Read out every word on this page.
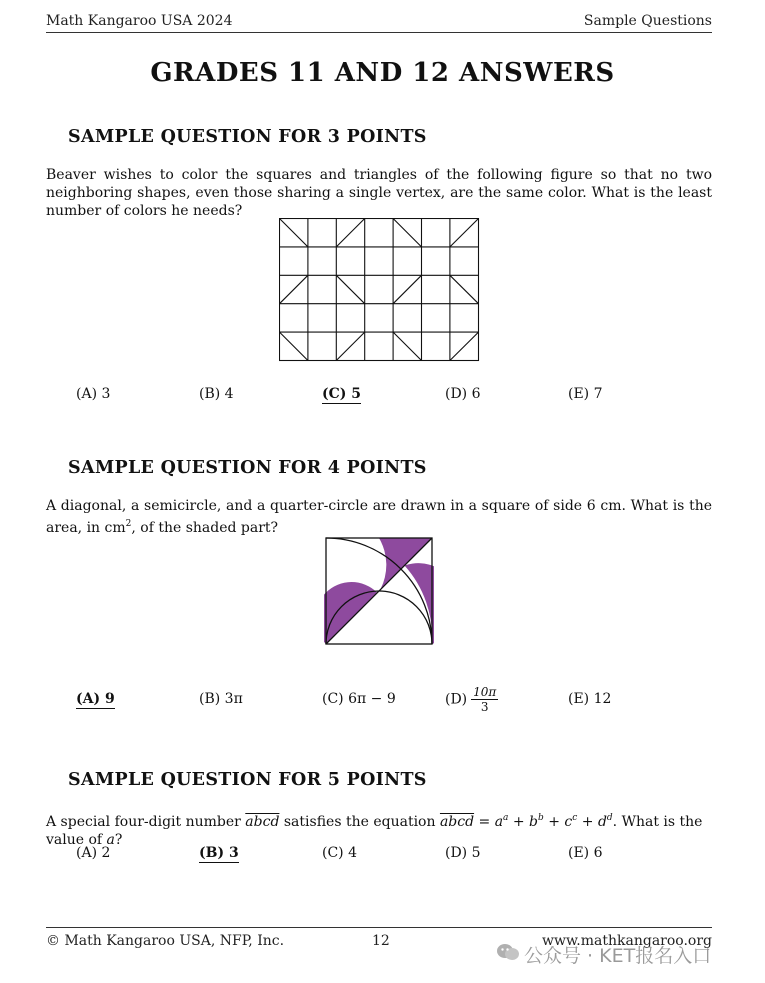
Math Kangaroo USA 2024	Sample Questions
GRADES 11 AND 12 ANSWERS
SAMPLE QUESTION FOR 3 POINTS
Beaver wishes to color the squares and triangles of the following figure so that no two neighboring shapes, even those sharing a single vertex, are the same color. What is the least number of colors he needs?
(A) 3	(B) 4	(C) 5	(D) 6	(E) 7
SAMPLE QUESTION FOR 4 POINTS
A diagonal, a semicircle, and a quarter-circle are drawn in a square of side 6 cm. What is the area, in $cm^2$, of the shaded part?
(A) 9	(B) 3π	(C) 6π − 9	$(D) \frac{10\pi}{3}$	(E) 12
SAMPLE QUESTION FOR 5 POINTS
A special four-digit number abcd satisfies the equation abcd = $a^a + b^b + c^c + d^d$. What is the value of a?
(A) 2	(B) 3	(C) 4	(D) 5	(E) 6
© Math Kangaroo USA, NFP, Inc.	12	www.mathkangaroo.org
公众号 · KET报名入口
